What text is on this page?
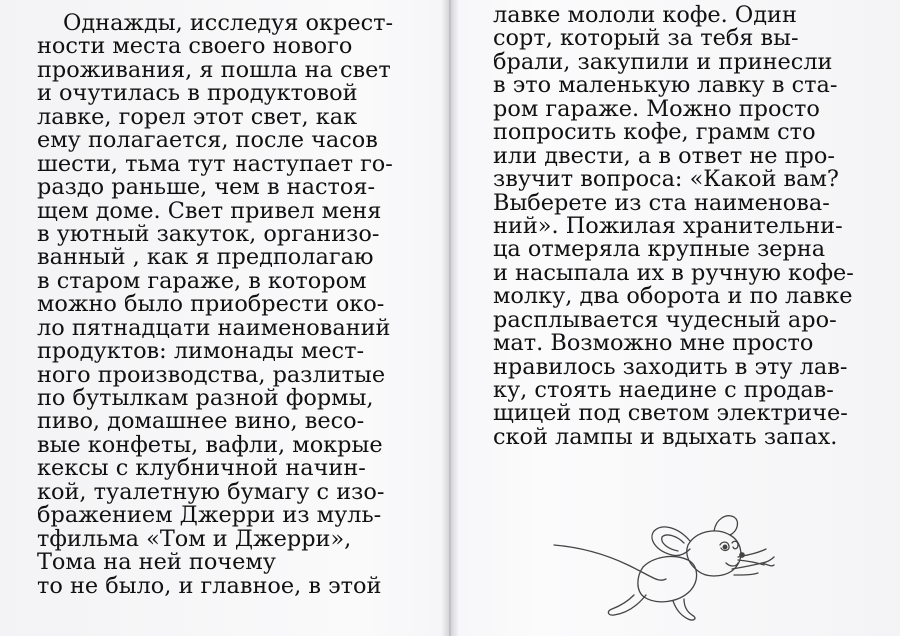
Однажды, исследуя окрест-
ности места своего нового
проживания, я пошла на свет
и очутилась в продуктовой
лавке, горел этот свет, как
ему полагается, после часов
шести, тьма тут наступает го-
раздо раньше, чем в настоя-
щем доме. Свет привел меня
в уютный закуток, организо-
ванный , как я предполагаю
в старом гараже, в котором
можно было приобрести око-
ло пятнадцати наименований
продуктов: лимонады мест-
ного производства, разлитые
по бутылкам разной формы,
пиво, домашнее вино, весо-
вые конфеты, вафли, мокрые
кексы с клубничной начин-
кой, туалетную бумагу с изо-
бражением Джерри из муль-
тфильма «Том и Джерри»,
Тома на ней почему
то не было, и главное, в этой
лавке мололи кофе. Один
сорт, который за тебя вы-
брали, закупили и принесли
в это маленькую лавку в ста-
ром гараже. Можно просто
попросить кофе, грамм сто
или двести, а в ответ не про-
звучит вопроса: «Какой вам?
Выберете из ста наименова-
ний». Пожилая хранительни-
ца отмеряла крупные зерна
и насыпала их в ручную кофе-
молку, два оборота и по лавке
расплывается чудесный аро-
мат. Возможно мне просто
нравилось заходить в эту лав-
ку, стоять наедине с продав-
щицей под светом электриче-
ской лампы и вдыхать запах.
